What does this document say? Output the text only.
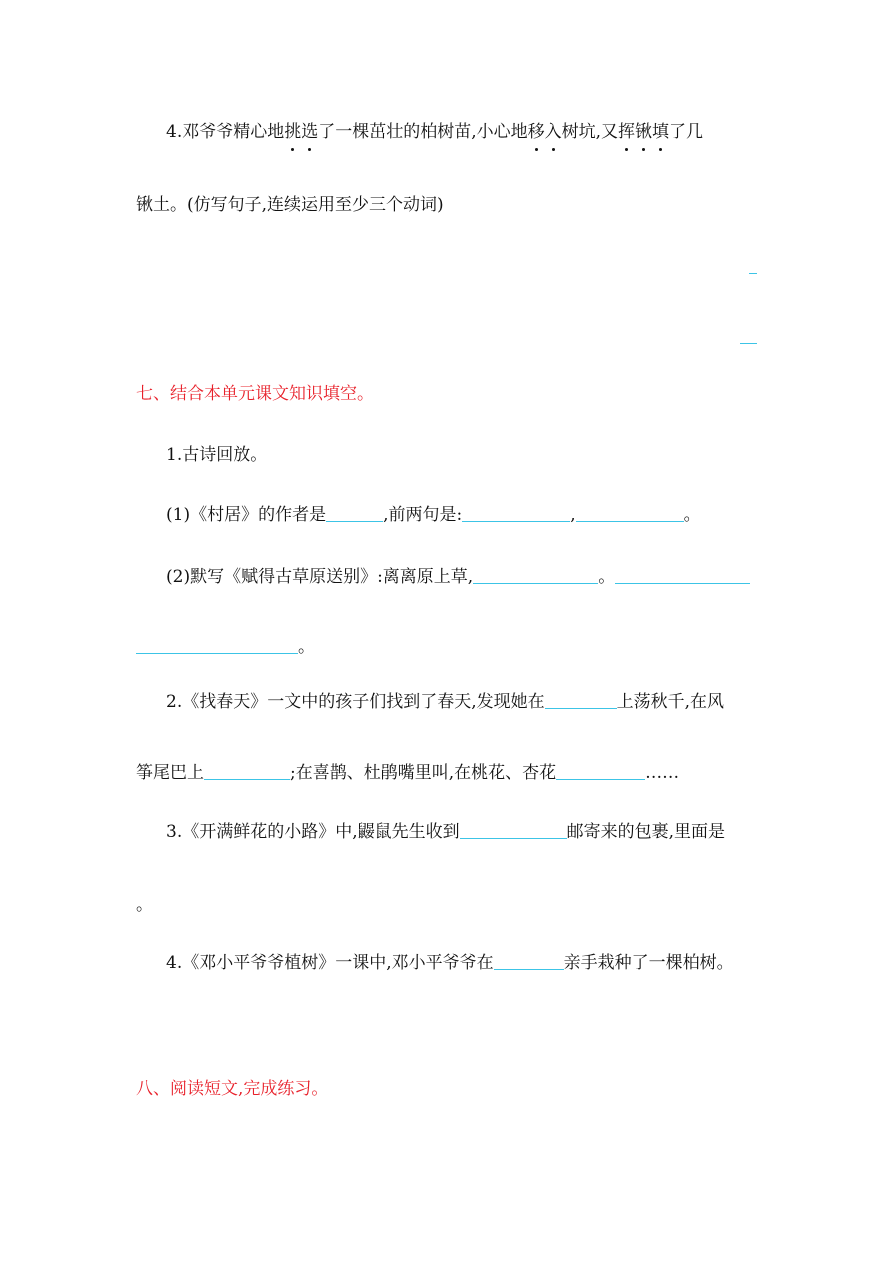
4.邓爷爷精心地挑选了一棵茁壮的柏树苗,小心地移入树坑,又挥锹填了几
锹土。(仿写句子,连续运用至少三个动词)
七、结合本单元课文知识填空。
1.古诗回放。
(1)《村居》的作者是	,前两句是:	,	。
(2)默写《赋得古草原送别》:离离原上草,	。
。
2.《找春天》一文中的孩子们找到了春天,发现她在	上荡秋千,在风
筝尾巴上	;在喜鹊、杜鹃嘴里叫,在桃花、杏花	……
3.《开满鲜花的小路》中,鼹鼠先生收到	邮寄来的包裹,里面是
。
4.《邓小平爷爷植树》一课中,邓小平爷爷在	亲手栽种了一棵柏树。
八、阅读短文,完成练习。
